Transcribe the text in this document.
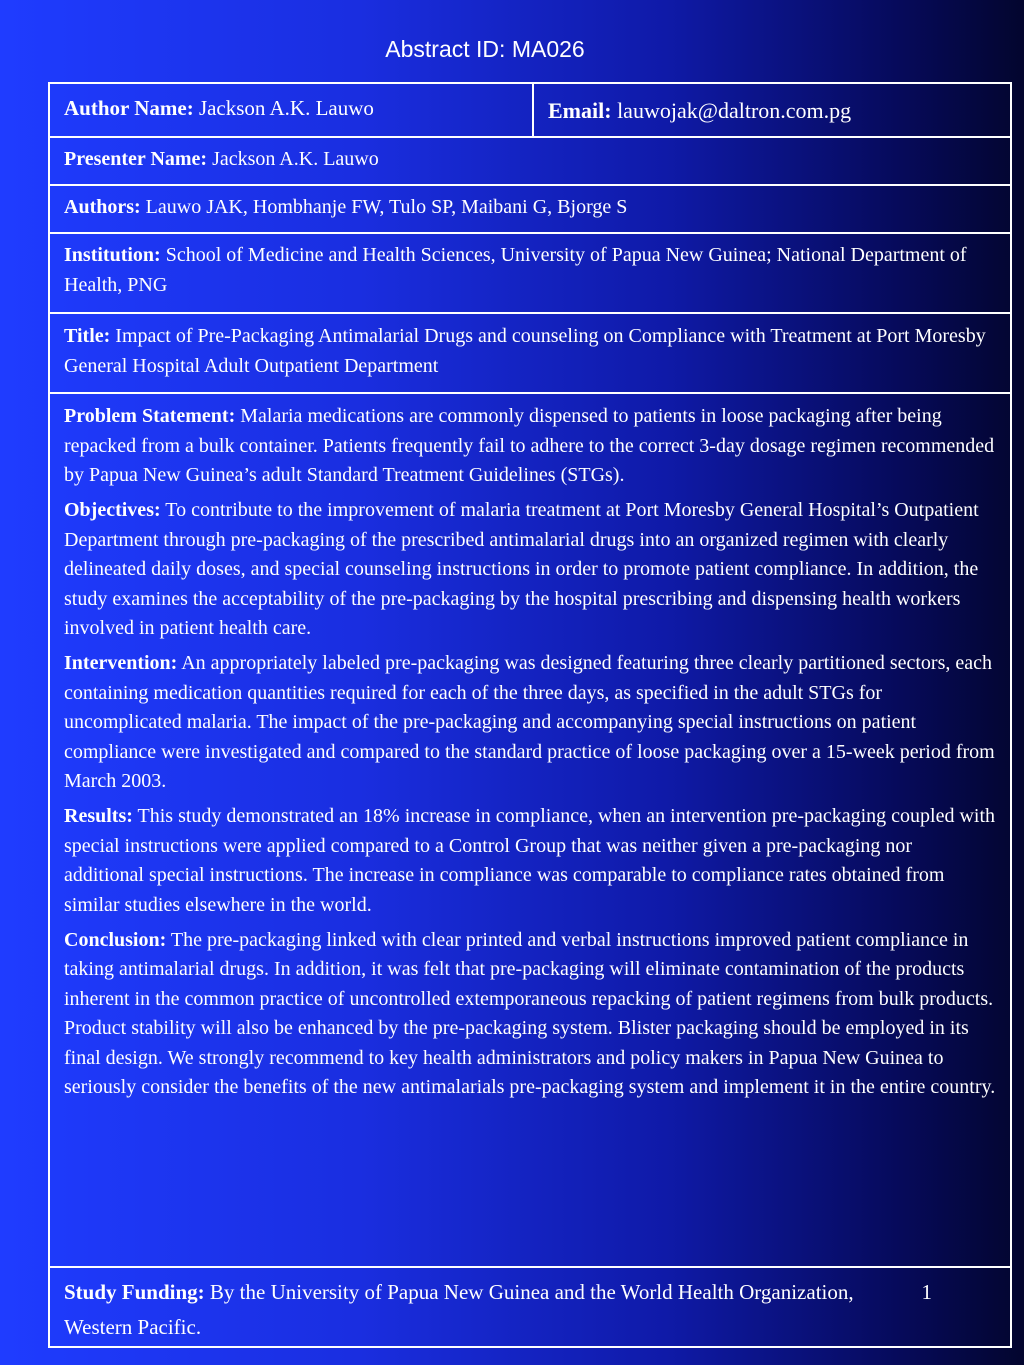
Abstract ID: MA026
Author Name: Jackson A.K. Lauwo	Email: lauwojak@daltron.com.pg
Presenter Name: Jackson A.K. Lauwo
Authors: Lauwo JAK, Hombhanje FW, Tulo SP, Maibani G, Bjorge S
Institution: School of Medicine and Health Sciences, University of Papua New Guinea; National Department of Health, PNG
Title: Impact of Pre-Packaging Antimalarial Drugs and counseling on Compliance with Treatment at Port Moresby General Hospital Adult Outpatient Department

Problem Statement: Malaria medications are commonly dispensed to patients in loose packaging after being repacked from a bulk container. Patients frequently fail to adhere to the correct 3-day dosage regimen recommended by Papua New Guinea’s adult Standard Treatment Guidelines (STGs).

Objectives: To contribute to the improvement of malaria treatment at Port Moresby General Hospital’s Outpatient Department through pre-packaging of the prescribed antimalarial drugs into an organized regimen with clearly delineated daily doses, and special counseling instructions in order to promote patient compliance. In addition, the study examines the acceptability of the pre-packaging by the hospital prescribing and dispensing health workers involved in patient health care.

Intervention: An appropriately labeled pre-packaging was designed featuring three clearly partitioned sectors, each containing medication quantities required for each of the three days, as specified in the adult STGs for uncomplicated malaria. The impact of the pre-packaging and accompanying special instructions on patient compliance were investigated and compared to the standard practice of loose packaging over a 15-week period from March 2003.

Results: This study demonstrated an 18% increase in compliance, when an intervention pre-packaging coupled with special instructions were applied compared to a Control Group that was neither given a pre-packaging nor additional special instructions. The increase in compliance was comparable to compliance rates obtained from similar studies elsewhere in the world.

Conclusion: The pre-packaging linked with clear printed and verbal instructions improved patient compliance in taking antimalarial drugs. In addition, it was felt that pre-packaging will eliminate contamination of the products inherent in the common practice of uncontrolled extemporaneous repacking of patient regimens from bulk products. Product stability will also be enhanced by the pre-packaging system. Blister packaging should be employed in its final design. We strongly recommend to key health administrators and policy makers in Papua New Guinea to seriously consider the benefits of the new antimalarials pre-packaging system and implement it in the entire country.

Study Funding: By the University of Papua New Guinea and the World Health Organization, Western Pacific.
1
